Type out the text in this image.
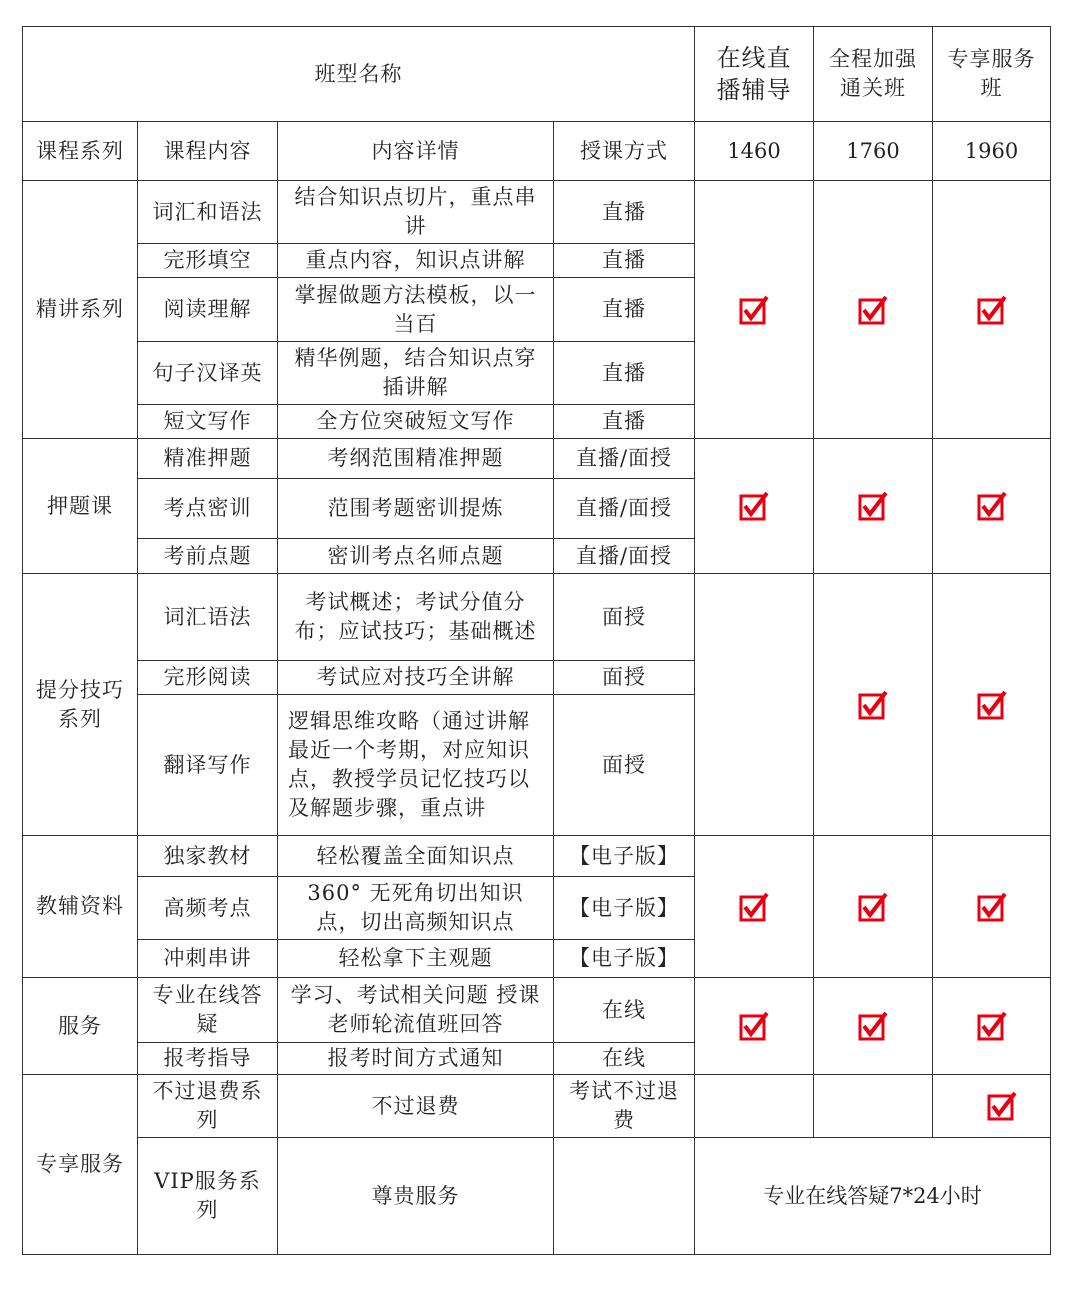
班型名称				在线直播辅导	全程加强通关班	专享服务班
课程系列	课程内容	内容详情	授课方式	1460	1760	1960
精讲系列	词汇和语法	结合知识点切片，重点串讲	直播	

	完形填空	重点内容，知识点讲解	直播			
	阅读理解	掌握做题方法模板，以一当百	直播			
	句子汉译英	精华例题，结合知识点穿插讲解	直播			
	短文写作	全方位突破短文写作	直播			
押题课	精准押题	考纲范围精准押题	直播/面授	

	考点密训	范围考题密训提炼	直播/面授			
	考前点题	密训考点名师点题	直播/面授			
提分技巧系列	词汇语法	考试概述；考试分值分布；应试技巧；基础概述	面授		

	完形阅读	考试应对技巧全讲解	面授			
	翻译写作	逻辑思维攻略（通过讲解最近一个考期，对应知识点，教授学员记忆技巧以及解题步骤，重点讲	面授			
教辅资料	独家教材	轻松覆盖全面知识点	【电子版】	

	高频考点	360° 无死角切出知识点，切出高频知识点	【电子版】			
	冲刺串讲	轻松拿下主观题	【电子版】			
服务	专业在线答疑	学习、考试相关问题 授课老师轮流值班回答	在线	

	报考指导	报考时间方式通知	在线			
专享服务	不过退费系列	不过退费	考试不过退费			

	VIP服务系列	尊贵服务		专业在线答疑7*24小时		
